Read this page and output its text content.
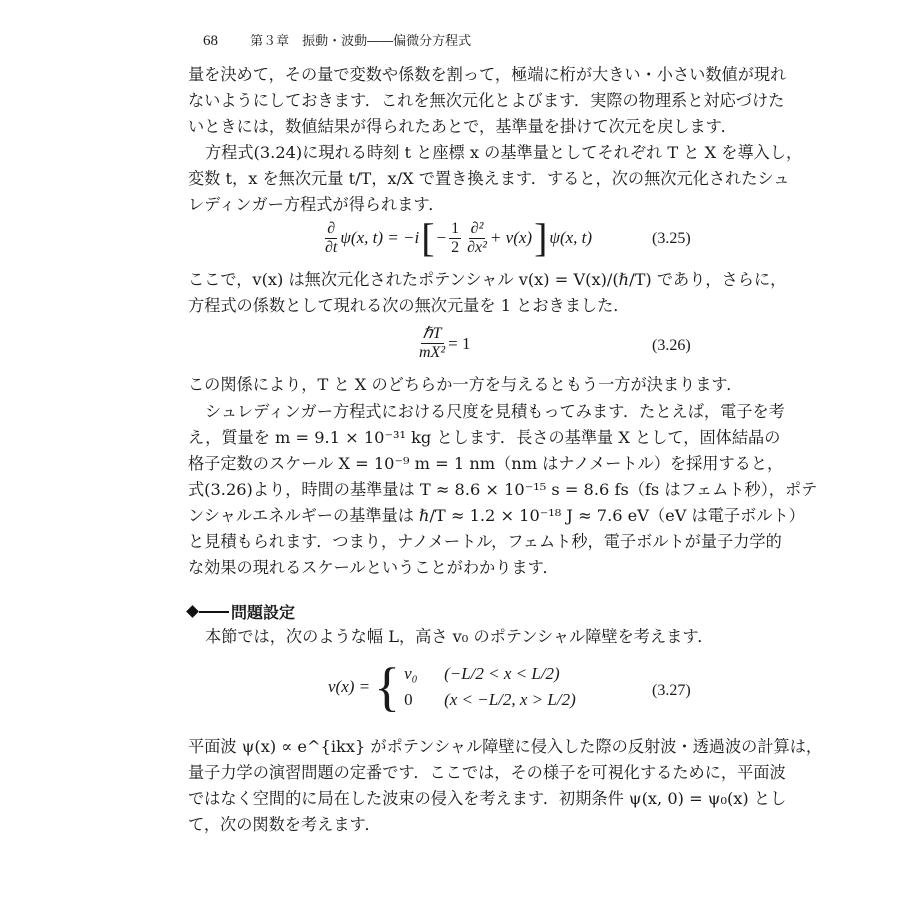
68 第３章　振動・波動――偏微分方程式
量を決めて，その量で変数や係数を割って，極端に桁が大きい・小さい数値が現れ
ないようにしておきます．これを無次元化とよびます．実際の物理系と対応づけた
いときには，数値結果が得られたあとで，基準量を掛けて次元を戻します．
方程式(3.24)に現れる時刻 t と座標 x の基準量としてそれぞれ T と X を導入し，
変数 t，x を無次元量 t/T，x/X で置き換えます．すると，次の無次元化されたシュ
レディンガー方程式が得られます．
$\frac{\partial}{\partial t} \psi(x$, t) = −i [ − $\frac{1}{2} \frac{\text{∂²}}{\text{∂x²}} + v(x)$ ] ψ(x, t)	(3.25)
ここで，v(x) は無次元化されたポテンシャル v(x) = V(x)/(ℏ/T) であり，さらに，
方程式の係数として現れる次の無次元量を 1 とおきました．
$\frac{\text{ℏT}}{\text{mX²}} = 1$	(3.26)
この関係により，T と X のどちらか一方を与えるともう一方が決まります．
シュレディンガー方程式における尺度を見積もってみます．たとえば，電子を考
え，質量を m = 9.1 × 10⁻³¹ kg とします．長さの基準量 X として，固体結晶の
格子定数のスケール X = 10⁻⁹ m = 1 nm（nm はナノメートル）を採用すると，
式(3.26)より，時間の基準量は T ≈ 8.6 × 10⁻¹⁵ s = 8.6 fs（fs はフェムト秒），ポテ
ンシャルエネルギーの基準量は ℏ/T ≈ 1.2 × 10⁻¹⁸ J ≈ 7.6 eV（eV は電子ボルト）
と見積もられます．つまり，ナノメートル，フェムト秒，電子ボルトが量子力学的
な効果の現れるスケールということがわかります．
問題設定
本節では，次のような幅 L，高さ v₀ のポテンシャル障壁を考えます．
v(x) = { v₀	(−L/2 < x < L/2)
0	(x < −L/2, x > L/2)	(3.27)
平面波 ψ(x) ∝ e^{ikx} がポテンシャル障壁に侵入した際の反射波・透過波の計算は，
量子力学の演習問題の定番です．ここでは，その様子を可視化するために，平面波
ではなく空間的に局在した波束の侵入を考えます．初期条件 ψ(x, 0) = ψ₀(x) とし
て，次の関数を考えます．
